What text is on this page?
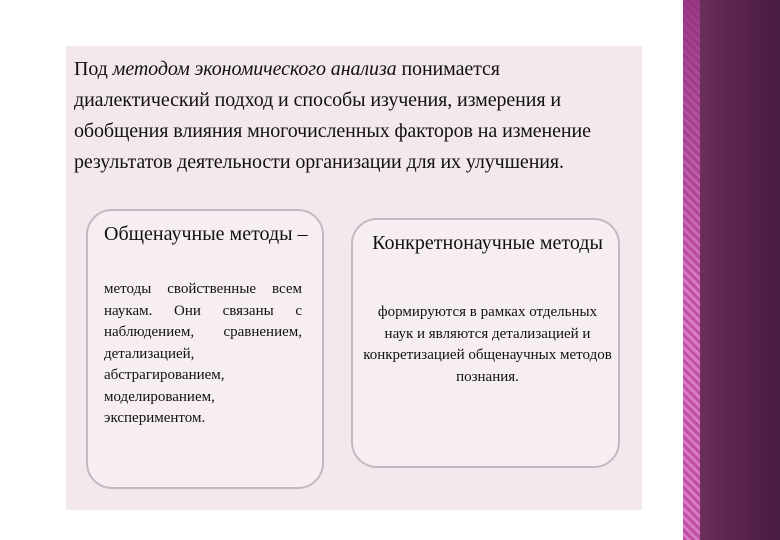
Под методом экономического анализа понимается диалектический подход и способы изучения, измерения и обобщения влияния многочисленных факторов на изменение результатов деятельности организации для их улучшения.

Общенаучные методы –
методы свойственные всем наукам. Они связаны с наблюдением, сравнением, детализацией, абстрагированием, моделированием, экспериментом.
Конкретнонаучные методы
формируются в рамках отдельных наук и являются детализацией и конкретизацией общенаучных методов познания.
